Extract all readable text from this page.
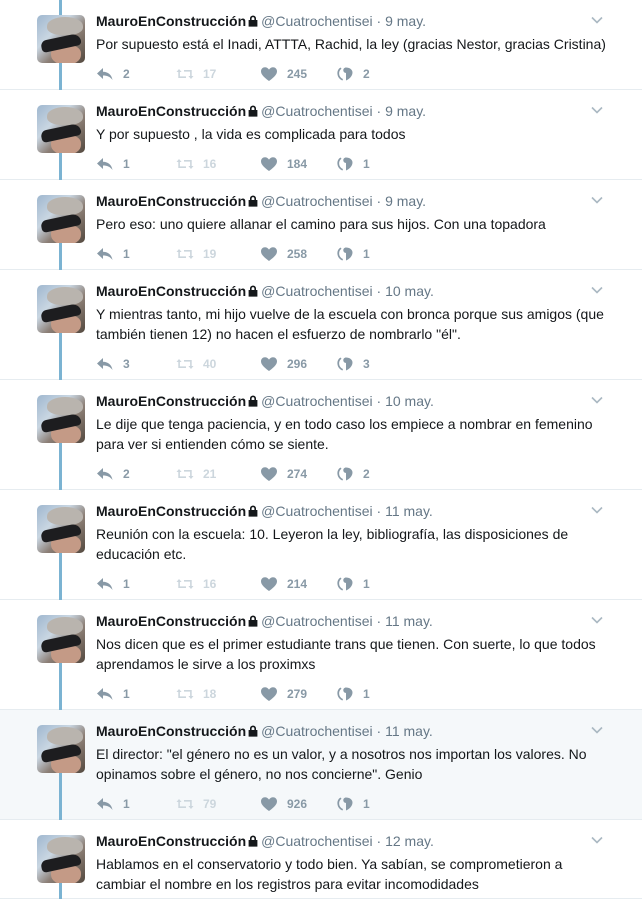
MauroEnConstrucción @Cuatrochentisei · 9 may.
Por supuesto está el Inadi, ATTTA, Rachid, la ley (gracias Nestor, gracias Cristina)
2	17	245	2
MauroEnConstrucción @Cuatrochentisei · 9 may.
Y por supuesto , la vida es complicada para todos
1	16	184	1
MauroEnConstrucción @Cuatrochentisei · 9 may.
Pero eso: uno quiere allanar el camino para sus hijos. Con una topadora
1	19	258	1
MauroEnConstrucción @Cuatrochentisei · 10 may.
Y mientras tanto, mi hijo vuelve de la escuela con bronca porque sus amigos (que también tienen 12) no hacen el esfuerzo de nombrarlo "él".
3	40	296	3
MauroEnConstrucción @Cuatrochentisei · 10 may.
Le dije que tenga paciencia, y en todo caso los empiece a nombrar en femenino para ver si entienden cómo se siente.
2	21	274	2
MauroEnConstrucción @Cuatrochentisei · 11 may.
Reunión con la escuela: 10. Leyeron la ley, bibliografía, las disposiciones de educación etc.
1	16	214	1
MauroEnConstrucción @Cuatrochentisei · 11 may.
Nos dicen que es el primer estudiante trans que tienen. Con suerte, lo que todos aprendamos le sirve a los proximxs
1	18	279	1
MauroEnConstrucción @Cuatrochentisei · 11 may.
El director: "el género no es un valor, y a nosotros nos importan los valores. No opinamos sobre el género, no nos concierne". Genio
1	79	926	1
MauroEnConstrucción @Cuatrochentisei · 12 may.
Hablamos en el conservatorio y todo bien. Ya sabían, se comprometieron a cambiar el nombre en los registros para evitar incomodidades
